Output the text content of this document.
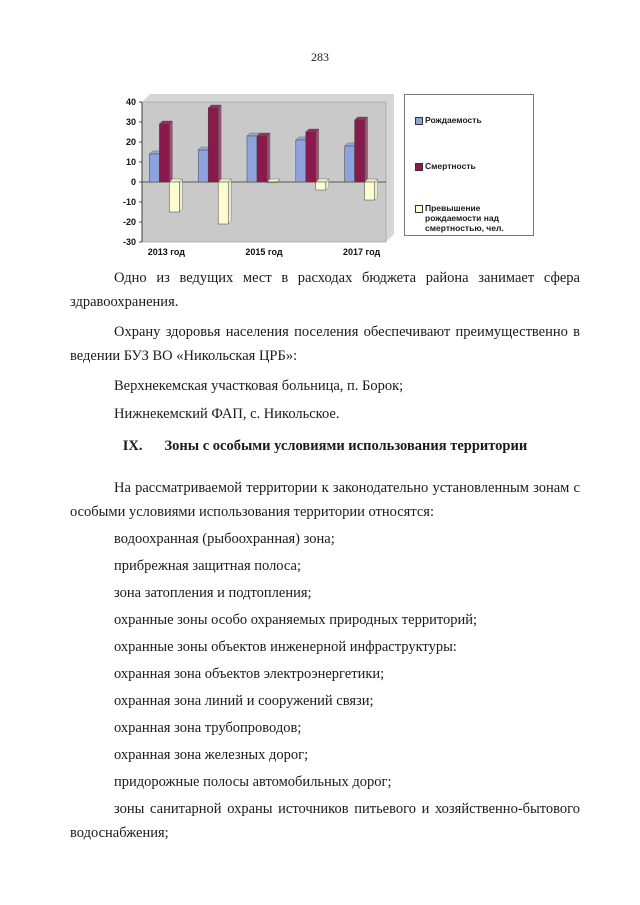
283
40
30
20
10
0
-10
-20
-30
2013 год	2015 год	2017 год
Рождаемость
Смертность
Превышение
рождаемости над
смертностью, чел.
Одно из ведущих мест в расходах бюджета района занимает сфера здравоохранения.
Охрану здоровья населения поселения обеспечивают преимущественно в ведении БУЗ ВО «Никольская ЦРБ»:
Верхнекемская участковая больница, п. Борок;
Нижнекемский ФАП, с. Никольское.
IX. Зоны с особыми условиями использования территории
На рассматриваемой территории к законодательно установленным зонам с особыми условиями использования территории относятся:
водоохранная (рыбоохранная) зона;
прибрежная защитная полоса;
зона затопления и подтопления;
охранные зоны особо охраняемых природных территорий;
охранные зоны объектов инженерной инфраструктуры:
охранная зона объектов электроэнергетики;
охранная зона линий и сооружений связи;
охранная зона трубопроводов;
охранная зона железных дорог;
придорожные полосы автомобильных дорог;
зоны санитарной охраны источников питьевого и хозяйственно-бытового водоснабжения;
